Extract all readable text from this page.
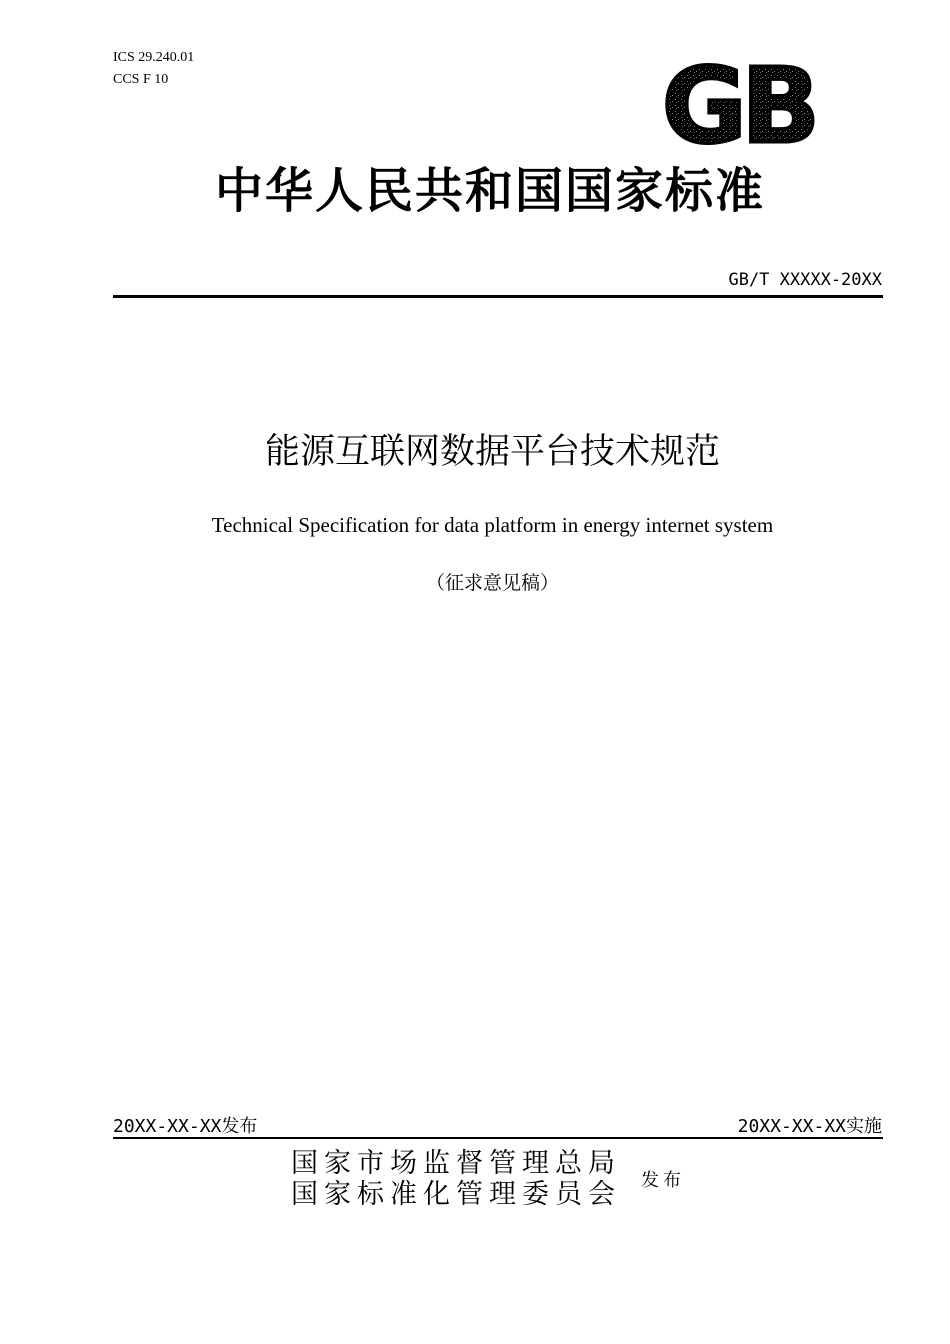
ICS 29.240.01
CCS F 10	GB
中华人民共和国国家标准
GB/T XXXXX-20XX
能源互联网数据平台技术规范
Technical Specification for data platform in energy internet system
（征求意见稿）
20XX-XX-XX发布	20XX-XX-XX实施
国家市场监督管理总局
国家标准化管理委员会 发布
